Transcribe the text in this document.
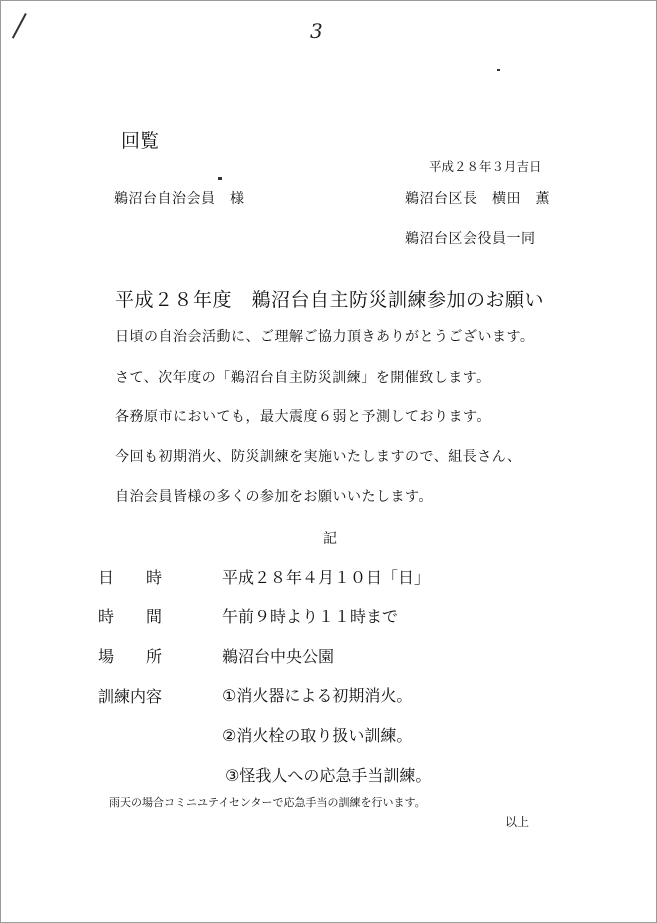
3
回覧
平成２８年３月吉日
鵜沼台自治会員　様	鵜沼台区長　横田　薫
鵜沼台区会役員一同
平成２８年度　鵜沼台自主防災訓練参加のお願い
日頃の自治会活動に、ご理解ご協力頂きありがとうございます。
さて、次年度の「鵜沼台自主防災訓練」を開催致します。
各務原市においても，最大震度６弱と予測しております。
今回も初期消火、防災訓練を実施いたしますので、組長さん、
自治会員皆様の多くの参加をお願いいたします。
記
日　　時	平成２８年４月１０日「日」
時　　間	午前９時より１１時まで
場　　所	鵜沼台中央公園
訓練内容	①消火器による初期消火。
②消火栓の取り扱い訓練。
③怪我人への応急手当訓練。
雨天の場合コミニユテイセンターで応急手当の訓練を行います。
以上
